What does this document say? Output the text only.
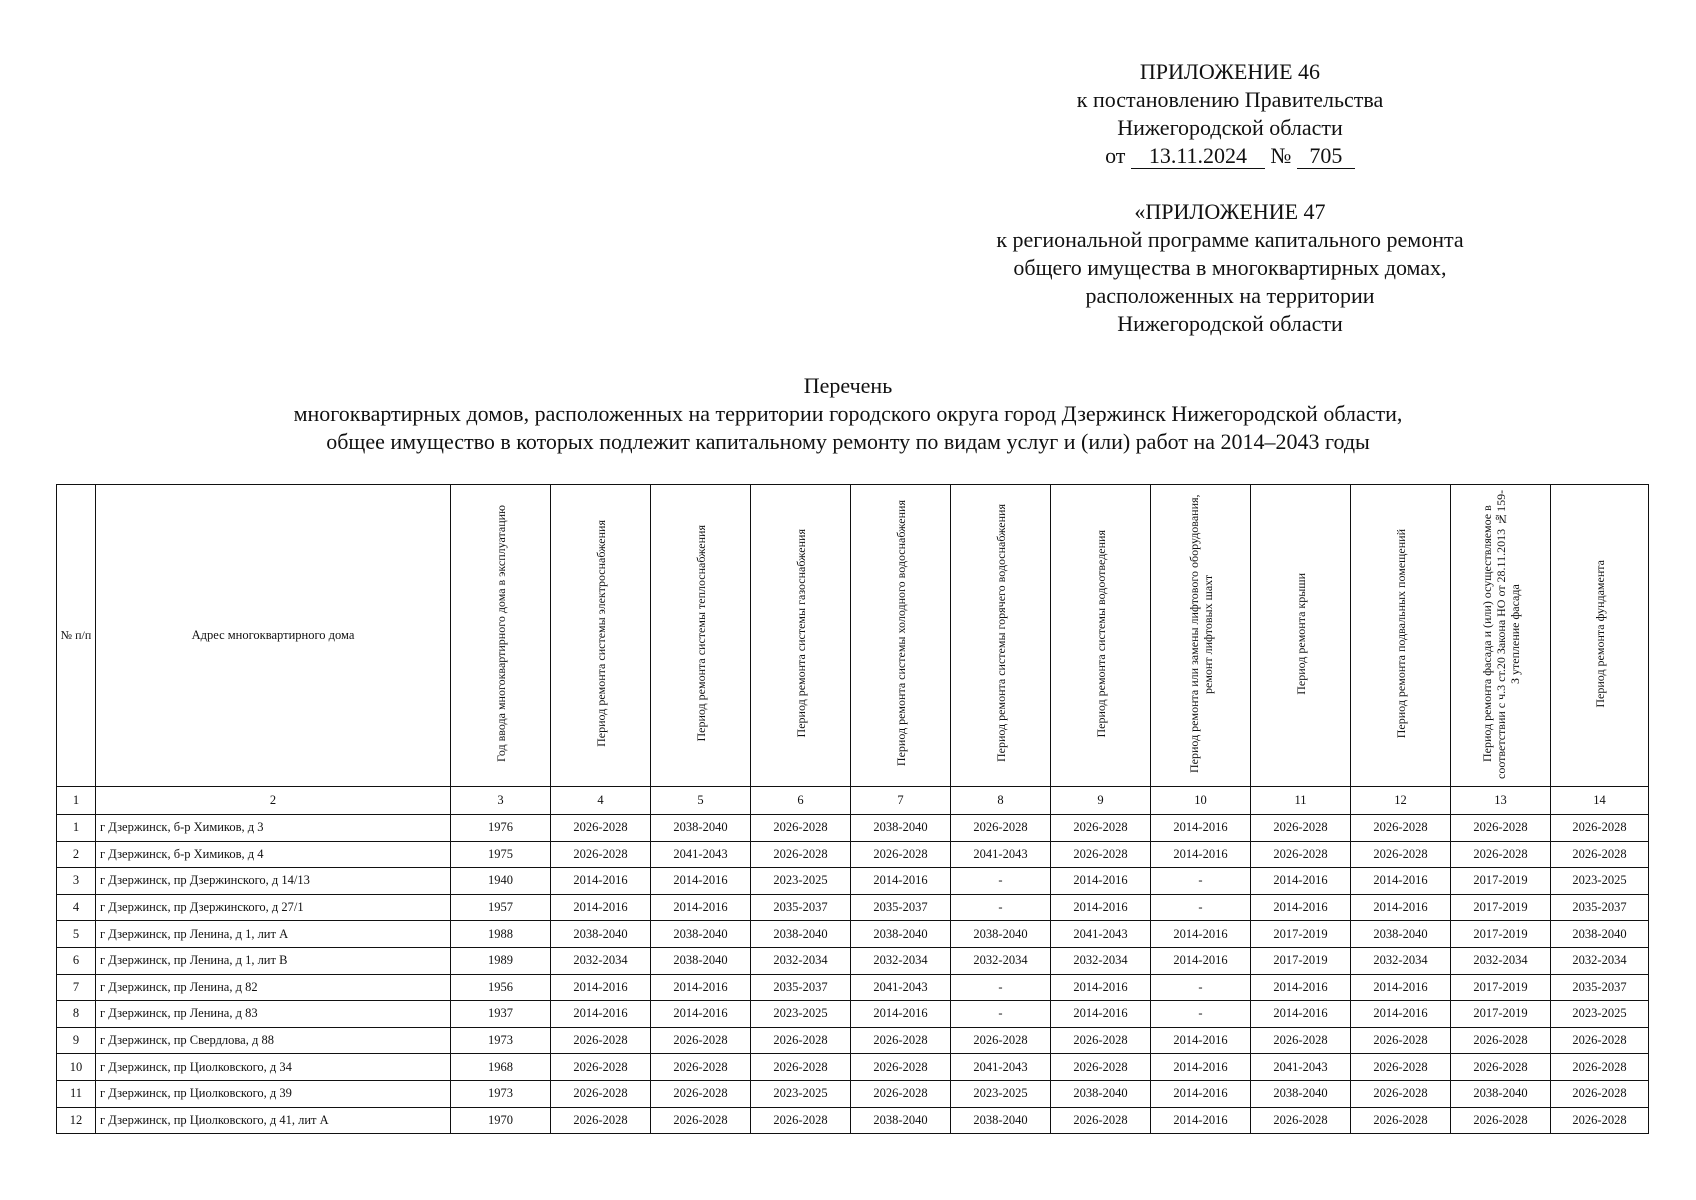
ПРИЛОЖЕНИЕ 46
к постановлению Правительства
Нижегородской области
от 13.11.2024 № 705
«ПРИЛОЖЕНИЕ 47
к региональной программе капитального ремонта
общего имущества в многоквартирных домах,
расположенных на территории
Нижегородской области
Перечень
многоквартирных домов, расположенных на территории городского округа город Дзержинск Нижегородской области,
общее имущество в которых подлежит капитальному ремонту по видам услуг и (или) работ на 2014–2043 годы
№ п/п	Адрес многоквартирного дома	Год ввода многоквартирного дома в эксплуатацию	Период ремонта системы электроснабжения	Период ремонта системы теплоснабжения	Период ремонта системы газоснабжения	Период ремонта системы холодного водоснабжения	Период ремонта системы горячего водоснабжения	Период ремонта системы водоотведения	Период ремонта или замены лифтового оборудования, ремонт лифтовых шахт	Период ремонта крыши	Период ремонта подвальных помещений	Период ремонта фасада и (или) осуществляемое в соответствии с ч.3 ст.20 Закона НО от 28.11.2013 №159-З утепление фасада	Период ремонта фундамента
1	2	3	4	5	6	7	8	9	10	11	12	13	14
1	г Дзержинск, б-р Химиков, д 3	1976	2026-2028	2038-2040	2026-2028	2038-2040	2026-2028	2026-2028	2014-2016	2026-2028	2026-2028	2026-2028	2026-2028
2	г Дзержинск, б-р Химиков, д 4	1975	2026-2028	2041-2043	2026-2028	2026-2028	2041-2043	2026-2028	2014-2016	2026-2028	2026-2028	2026-2028	2026-2028
3	г Дзержинск, пр Дзержинского, д 14/13	1940	2014-2016	2014-2016	2023-2025	2014-2016	-	2014-2016	-	2014-2016	2014-2016	2017-2019	2023-2025
4	г Дзержинск, пр Дзержинского, д 27/1	1957	2014-2016	2014-2016	2035-2037	2035-2037	-	2014-2016	-	2014-2016	2014-2016	2017-2019	2035-2037
5	г Дзержинск, пр Ленина, д 1, лит А	1988	2038-2040	2038-2040	2038-2040	2038-2040	2038-2040	2041-2043	2014-2016	2017-2019	2038-2040	2017-2019	2038-2040
6	г Дзержинск, пр Ленина, д 1, лит В	1989	2032-2034	2038-2040	2032-2034	2032-2034	2032-2034	2032-2034	2014-2016	2017-2019	2032-2034	2032-2034	2032-2034
7	г Дзержинск, пр Ленина, д 82	1956	2014-2016	2014-2016	2035-2037	2041-2043	-	2014-2016	-	2014-2016	2014-2016	2017-2019	2035-2037
8	г Дзержинск, пр Ленина, д 83	1937	2014-2016	2014-2016	2023-2025	2014-2016	-	2014-2016	-	2014-2016	2014-2016	2017-2019	2023-2025
9	г Дзержинск, пр Свердлова, д 88	1973	2026-2028	2026-2028	2026-2028	2026-2028	2026-2028	2026-2028	2014-2016	2026-2028	2026-2028	2026-2028	2026-2028
10	г Дзержинск, пр Циолковского, д 34	1968	2026-2028	2026-2028	2026-2028	2026-2028	2041-2043	2026-2028	2014-2016	2041-2043	2026-2028	2026-2028	2026-2028
11	г Дзержинск, пр Циолковского, д 39	1973	2026-2028	2026-2028	2023-2025	2026-2028	2023-2025	2038-2040	2014-2016	2038-2040	2026-2028	2038-2040	2026-2028
12	г Дзержинск, пр Циолковского, д 41, лит А	1970	2026-2028	2026-2028	2026-2028	2038-2040	2038-2040	2026-2028	2014-2016	2026-2028	2026-2028	2026-2028	2026-2028
